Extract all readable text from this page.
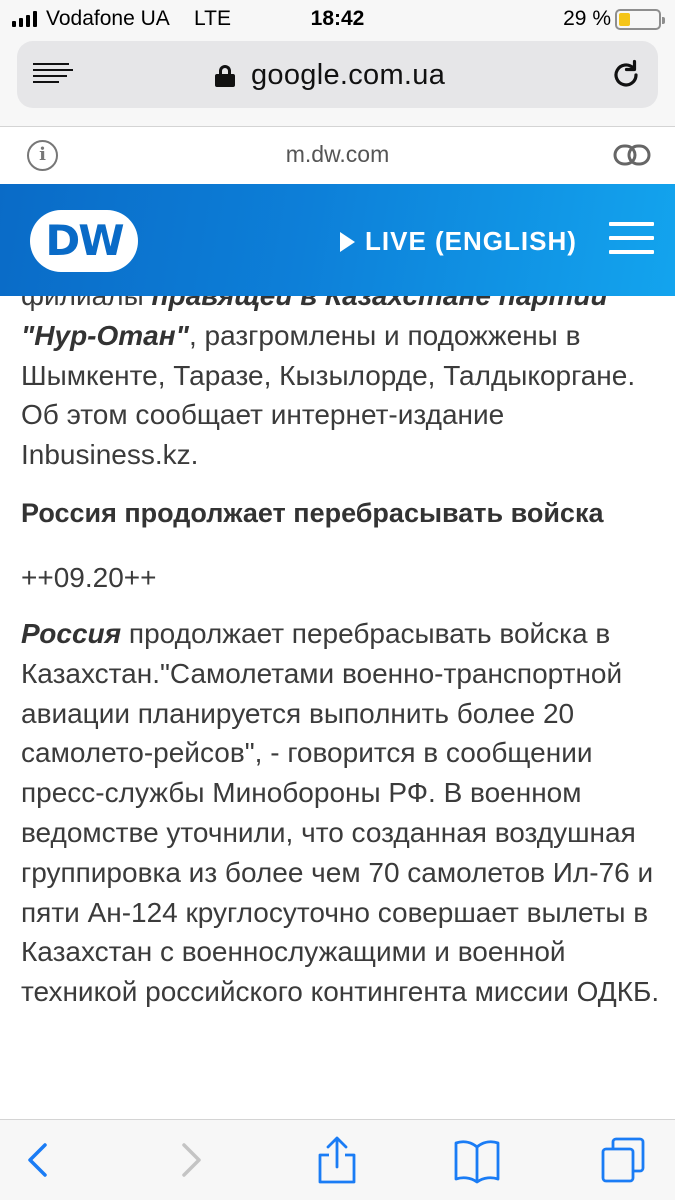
Vodafone UA LTE	18:42	29 %
google.com.ua
i	m.dw.com

"Нур-Отан", разгромлены и подожжены в Шымкенте, Таразе, Кызылорде, Талдыкоргане. Об этом сообщает интернет-издание Inbusiness.kz.

Россия продолжает перебрасывать войска
++09.20++

Россия продолжает перебрасывать войска в Казахстан."Самолетами военно-транспортной авиации планируется выполнить более 20 самолето-рейсов", - говорится в сообщении пресс-службы Минобороны РФ. В военном ведомстве уточнили, что созданная воздушная группировка из более чем 70 самолетов Ил-76 и пяти Ан-124 круглосуточно совершает вылеты в Казахстан с военнослужащими и военной техникой российского контингента миссии ОДКБ.

DW	LIVE (ENGLISH)
